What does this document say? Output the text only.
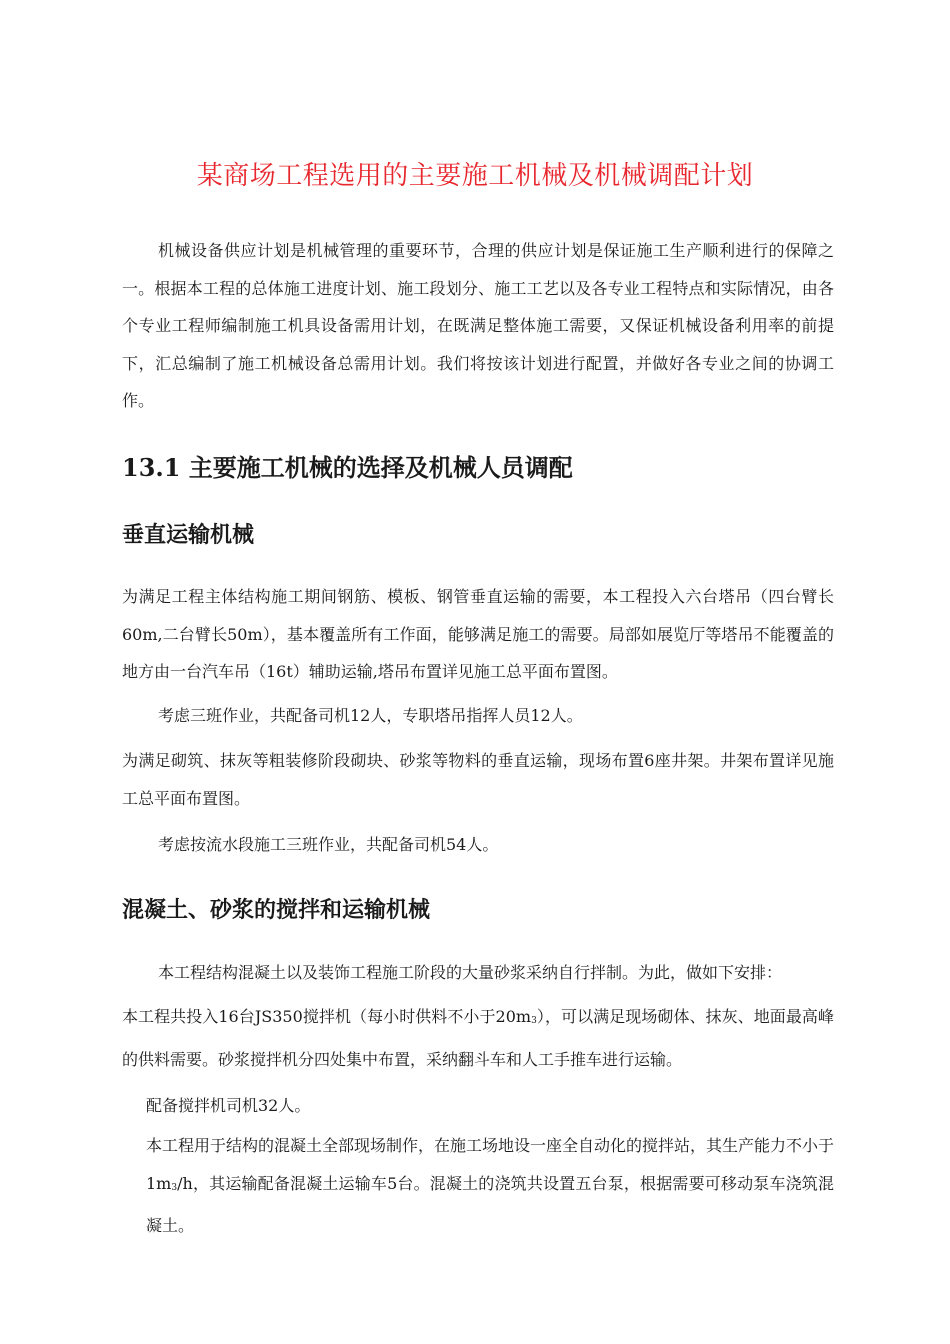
某商场工程选用的主要施工机械及机械调配计划

机械设备供应计划是机械管理的重要环节，合理的供应计划是保证施工生产顺利进行的保障之一。根据本工程的总体施工进度计划、施工段划分、施工工艺以及各专业工程特点和实际情况，由各个专业工程师编制施工机具设备需用计划，在既满足整体施工需要，又保证机械设备利用率的前提下，汇总编制了施工机械设备总需用计划。我们将按该计划进行配置，并做好各专业之间的协调工作。

13.1 主要施工机械的选择及机械人员调配
垂直运输机械

为满足工程主体结构施工期间钢筋、模板、钢管垂直运输的需要，本工程投入六台塔吊（四台臂长60m,二台臂长50m），基本覆盖所有工作面，能够满足施工的需要。局部如展览厅等塔吊不能覆盖的地方由一台汽车吊（16t）辅助运输,塔吊布置详见施工总平面布置图。

考虑三班作业，共配备司机12人，专职塔吊指挥人员12人。

为满足砌筑、抹灰等粗装修阶段砌块、砂浆等物料的垂直运输，现场布置6座井架。井架布置详见施工总平面布置图。

考虑按流水段施工三班作业，共配备司机54人。

混凝土、砂浆的搅拌和运输机械

本工程结构混凝土以及装饰工程施工阶段的大量砂浆采纳自行拌制。为此，做如下安排：

本工程共投入16台JS350搅拌机（每小时供料不小于$20m_3$），可以满足现场砌体、抹灰、地面最高峰的供料需要。砂浆搅拌机分四处集中布置，采纳翻斗车和人工手推车进行运输。

配备搅拌机司机32人。

本工程用于结构的混凝土全部现场制作，在施工场地设一座全自动化的搅拌站，其生产能力不小于$1m_3/h$，其运输配备混凝土运输车5台。混凝土的浇筑共设置五台泵，根据需要可移动泵车浇筑混凝土。
